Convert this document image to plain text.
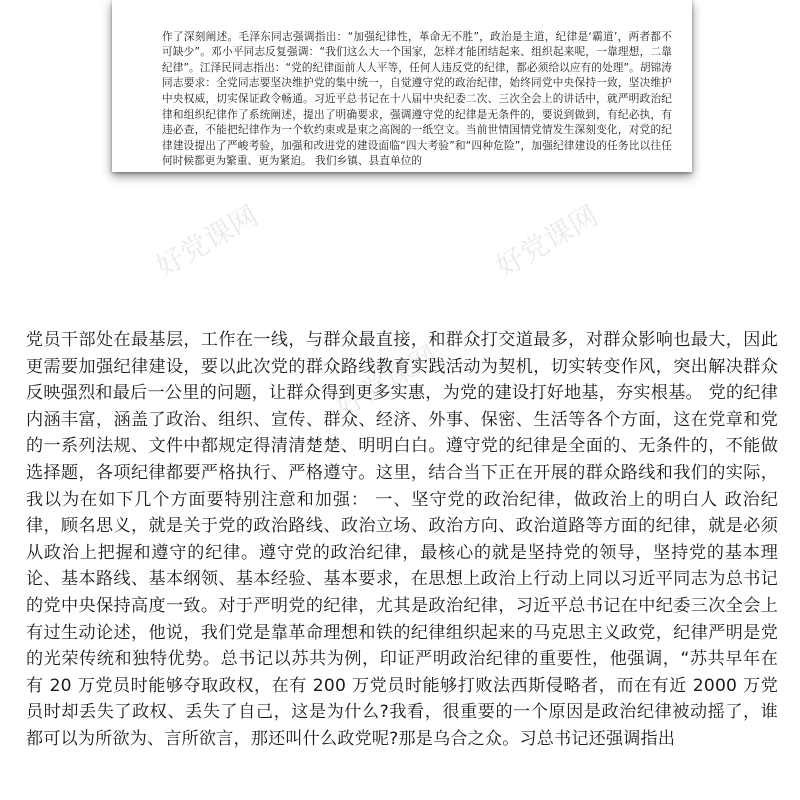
作了深刻阐述。毛泽东同志强调指出：“加强纪律性，革命无不胜”，政治是主道，纪律是‘霸道’，两者都不可缺少”。邓小平同志反复强调：“我们这么大一个国家，怎样才能团结起来、组织起来呢，一靠理想，二靠纪律”。江泽民同志指出：“党的纪律面前人人平等，任何人违反党的纪律，都必须给以应有的处理”。胡锦涛同志要求：全党同志要坚决维护党的集中统一，自觉遵守党的政治纪律，始终同党中央保持一致，坚决维护中央权威，切实保证政令畅通。习近平总书记在十八届中央纪委二次、三次全会上的讲话中，就严明政治纪律和组织纪律作了系统阐述，提出了明确要求，强调遵守党的纪律是无条件的，要说到做到，有纪必执，有违必查，不能把纪律作为一个软约束或是束之高阁的一纸空文。当前世情国情党情发生深刻变化，对党的纪律建设提出了严峻考验，加强和改进党的建设面临“四大考验”和“四种危险”，加强纪律建设的任务比以往任何时候都更为繁重、更为紧迫。 我们乡镇、县直单位的
好党课网	好党课网
好党课网
党员干部处在最基层，工作在一线，与群众最直接，和群众打交道最多，对群众影响也最大，因此更需要加强纪律建设，要以此次党的群众路线教育实践活动为契机，切实转变作风，突出解决群众反映强烈和最后一公里的问题，让群众得到更多实惠，为党的建设打好地基，夯实根基。 党的纪律内涵丰富，涵盖了政治、组织、宣传、群众、经济、外事、保密、生活等各个方面，这在党章和党的一系列法规、文件中都规定得清清楚楚、明明白白。遵守党的纪律是全面的、无条件的，不能做选择题，各项纪律都要严格执行、严格遵守。这里，结合当下正在开展的群众路线和我们的实际，我以为在如下几个方面要特别注意和加强： 一、坚守党的政治纪律，做政治上的明白人 政治纪律，顾名思义，就是关于党的政治路线、政治立场、政治方向、政治道路等方面的纪律，就是必须从政治上把握和遵守的纪律。遵守党的政治纪律，最核心的就是坚持党的领导，坚持党的基本理论、基本路线、基本纲领、基本经验、基本要求，在思想上政治上行动上同以习近平同志为总书记的党中央保持高度一致。对于严明党的纪律，尤其是政治纪律，习近平总书记在中纪委三次全会上有过生动论述，他说，我们党是靠革命理想和铁的纪律组织起来的马克思主义政党，纪律严明是党的光荣传统和独特优势。总书记以苏共为例，印证严明政治纪律的重要性，他强调，“苏共早年在有 20 万党员时能够夺取政权，在有 200 万党员时能够打败法西斯侵略者，而在有近 2000 万党员时却丢失了政权、丢失了自己，这是为什么?我看，很重要的一个原因是政治纪律被动摇了，谁都可以为所欲为、言所欲言，那还叫什么政党呢?那是乌合之众。习总书记还强调指出
